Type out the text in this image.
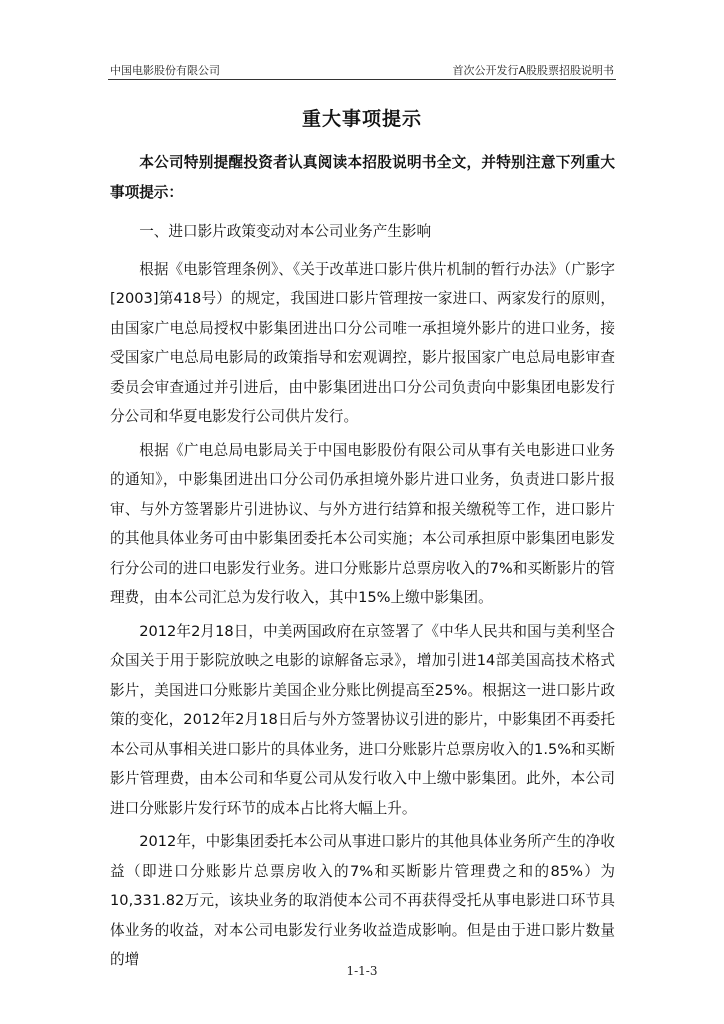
中国电影股份有限公司	首次公开发行A股股票招股说明书
重大事项提示

本公司特别提醒投资者认真阅读本招股说明书全文，并特别注意下列重大事项提示：

一、进口影片政策变动对本公司业务产生影响

根据《电影管理条例》、《关于改革进口影片供片机制的暂行办法》（广影字[2003]第418号）的规定，我国进口影片管理按一家进口、两家发行的原则，由国家广电总局授权中影集团进出口分公司唯一承担境外影片的进口业务，接受国家广电总局电影局的政策指导和宏观调控，影片报国家广电总局电影审查委员会审查通过并引进后，由中影集团进出口分公司负责向中影集团电影发行分公司和华夏电影发行公司供片发行。

根据《广电总局电影局关于中国电影股份有限公司从事有关电影进口业务的通知》，中影集团进出口分公司仍承担境外影片进口业务，负责进口影片报审、与外方签署影片引进协议、与外方进行结算和报关缴税等工作，进口影片的其他具体业务可由中影集团委托本公司实施；本公司承担原中影集团电影发行分公司的进口电影发行业务。进口分账影片总票房收入的7%和买断影片的管理费，由本公司汇总为发行收入，其中15%上缴中影集团。

2012年2月18日，中美两国政府在京签署了《中华人民共和国与美利坚合众国关于用于影院放映之电影的谅解备忘录》，增加引进14部美国高技术格式影片，美国进口分账影片美国企业分账比例提高至25%。根据这一进口影片政策的变化，2012年2月18日后与外方签署协议引进的影片，中影集团不再委托本公司从事相关进口影片的具体业务，进口分账影片总票房收入的1.5%和买断影片管理费，由本公司和华夏公司从发行收入中上缴中影集团。此外，本公司进口分账影片发行环节的成本占比将大幅上升。

2012年，中影集团委托本公司从事进口影片的其他具体业务所产生的净收益（即进口分账影片总票房收入的7%和买断影片管理费之和的85%）为10,331.82万元，该块业务的取消使本公司不再获得受托从事电影进口环节具体业务的收益，对本公司电影发行业务收益造成影响。但是由于进口影片数量的增

1-1-3
